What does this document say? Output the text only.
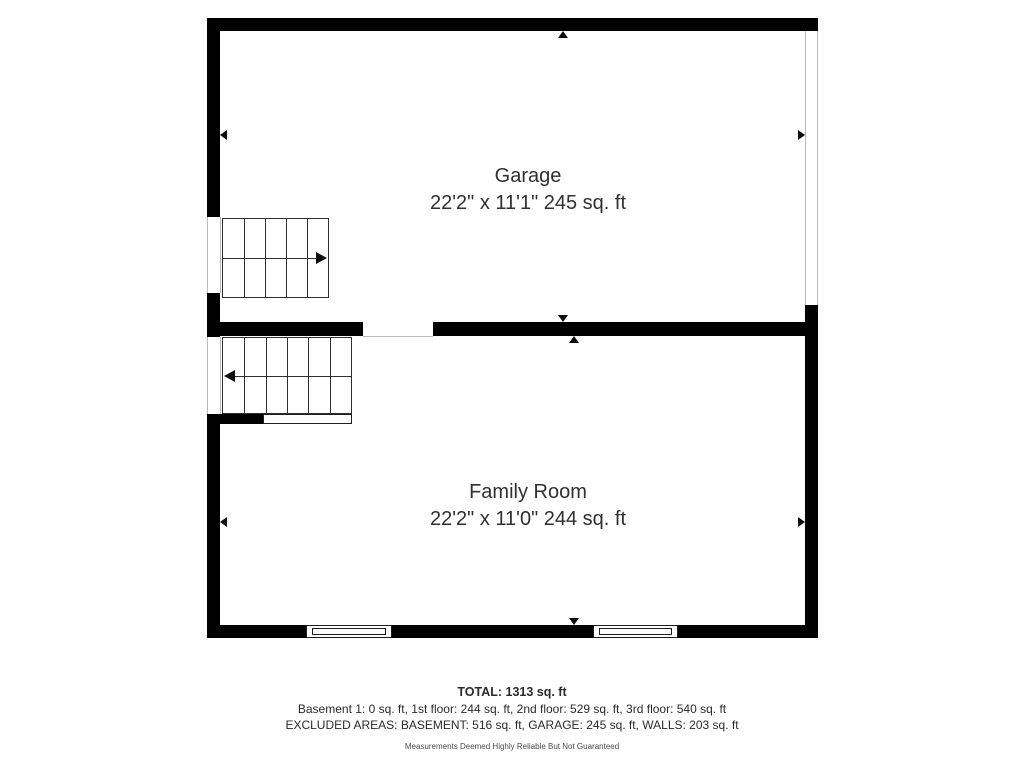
Garage
22'2" x 11'1" 245 sq. ft
Family Room
22'2" x 11'0" 244 sq. ft
TOTAL: 1313 sq. ft
Basement 1: 0 sq. ft, 1st floor: 244 sq. ft, 2nd floor: 529 sq. ft, 3rd floor: 540 sq. ft
EXCLUDED AREAS: BASEMENT: 516 sq. ft, GARAGE: 245 sq. ft, WALLS: 203 sq. ft
Measurements Deemed Highly Reliable But Not Guaranteed
